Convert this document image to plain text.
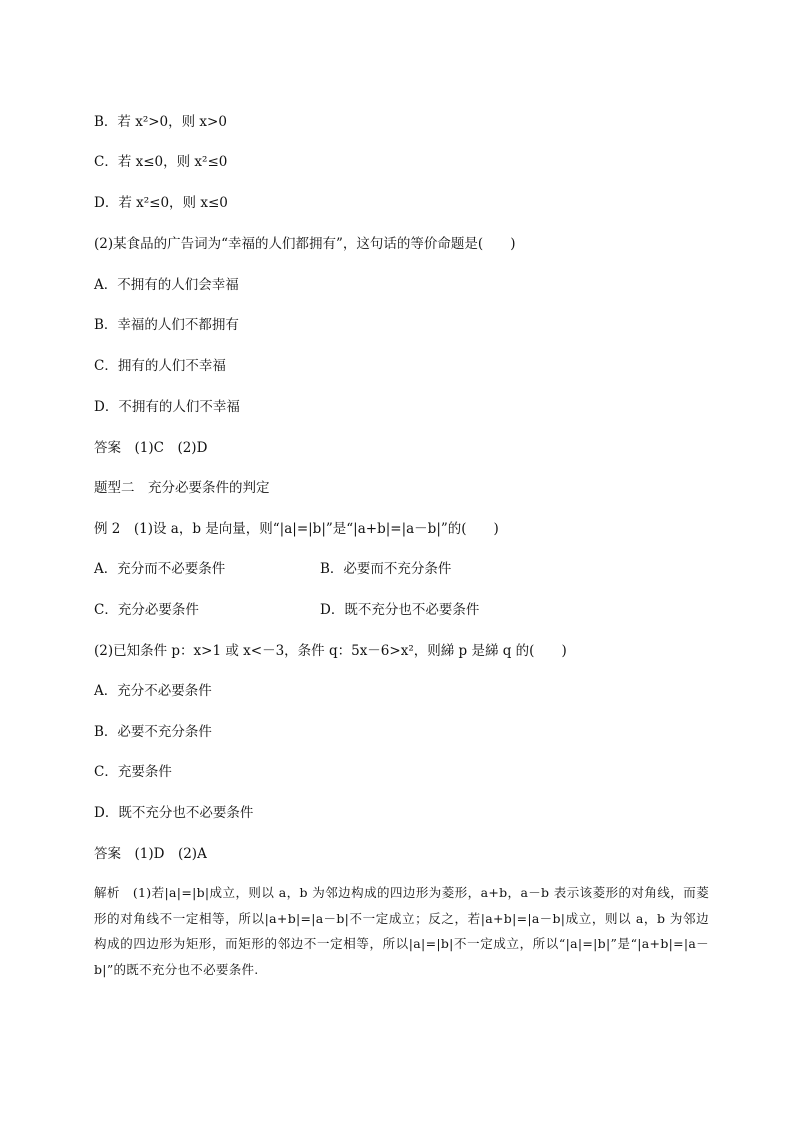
B．若 x²>0，则 x>0
C．若 x≤0，则 x²≤0
D．若 x²≤0，则 x≤0
(2)某食品的广告词为“幸福的人们都拥有”，这句话的等价命题是(　　)
A．不拥有的人们会幸福
B．幸福的人们不都拥有
C．拥有的人们不幸福
D．不拥有的人们不幸福
答案　(1)C　(2)D
题型二　充分必要条件的判定
例 2　(1)设 a，b 是向量，则“|a|=|b|”是“|a+b|=|a－b|”的(　　)
A．充分而不必要条件	B．必要而不充分条件
C．充分必要条件	D．既不充分也不必要条件
(2)已知条件 p：x>1 或 x<－3，条件 q：5x－6>x²，则綈 p 是綈 q 的(　　)
A．充分不必要条件
B．必要不充分条件
C．充要条件
D．既不充分也不必要条件
答案　(1)D　(2)A
解析　(1)若|a|=|b|成立，则以 a，b 为邻边构成的四边形为菱形，a+b，a－b 表示该菱形的对角线，而菱形的对角线不一定相等，所以|a+b|=|a－b|不一定成立；反之，若|a+b|=|a－b|成立，则以 a，b 为邻边构成的四边形为矩形，而矩形的邻边不一定相等，所以|a|=|b|不一定成立，所以“|a|=|b|”是“|a+b|=|a－b|”的既不充分也不必要条件.
